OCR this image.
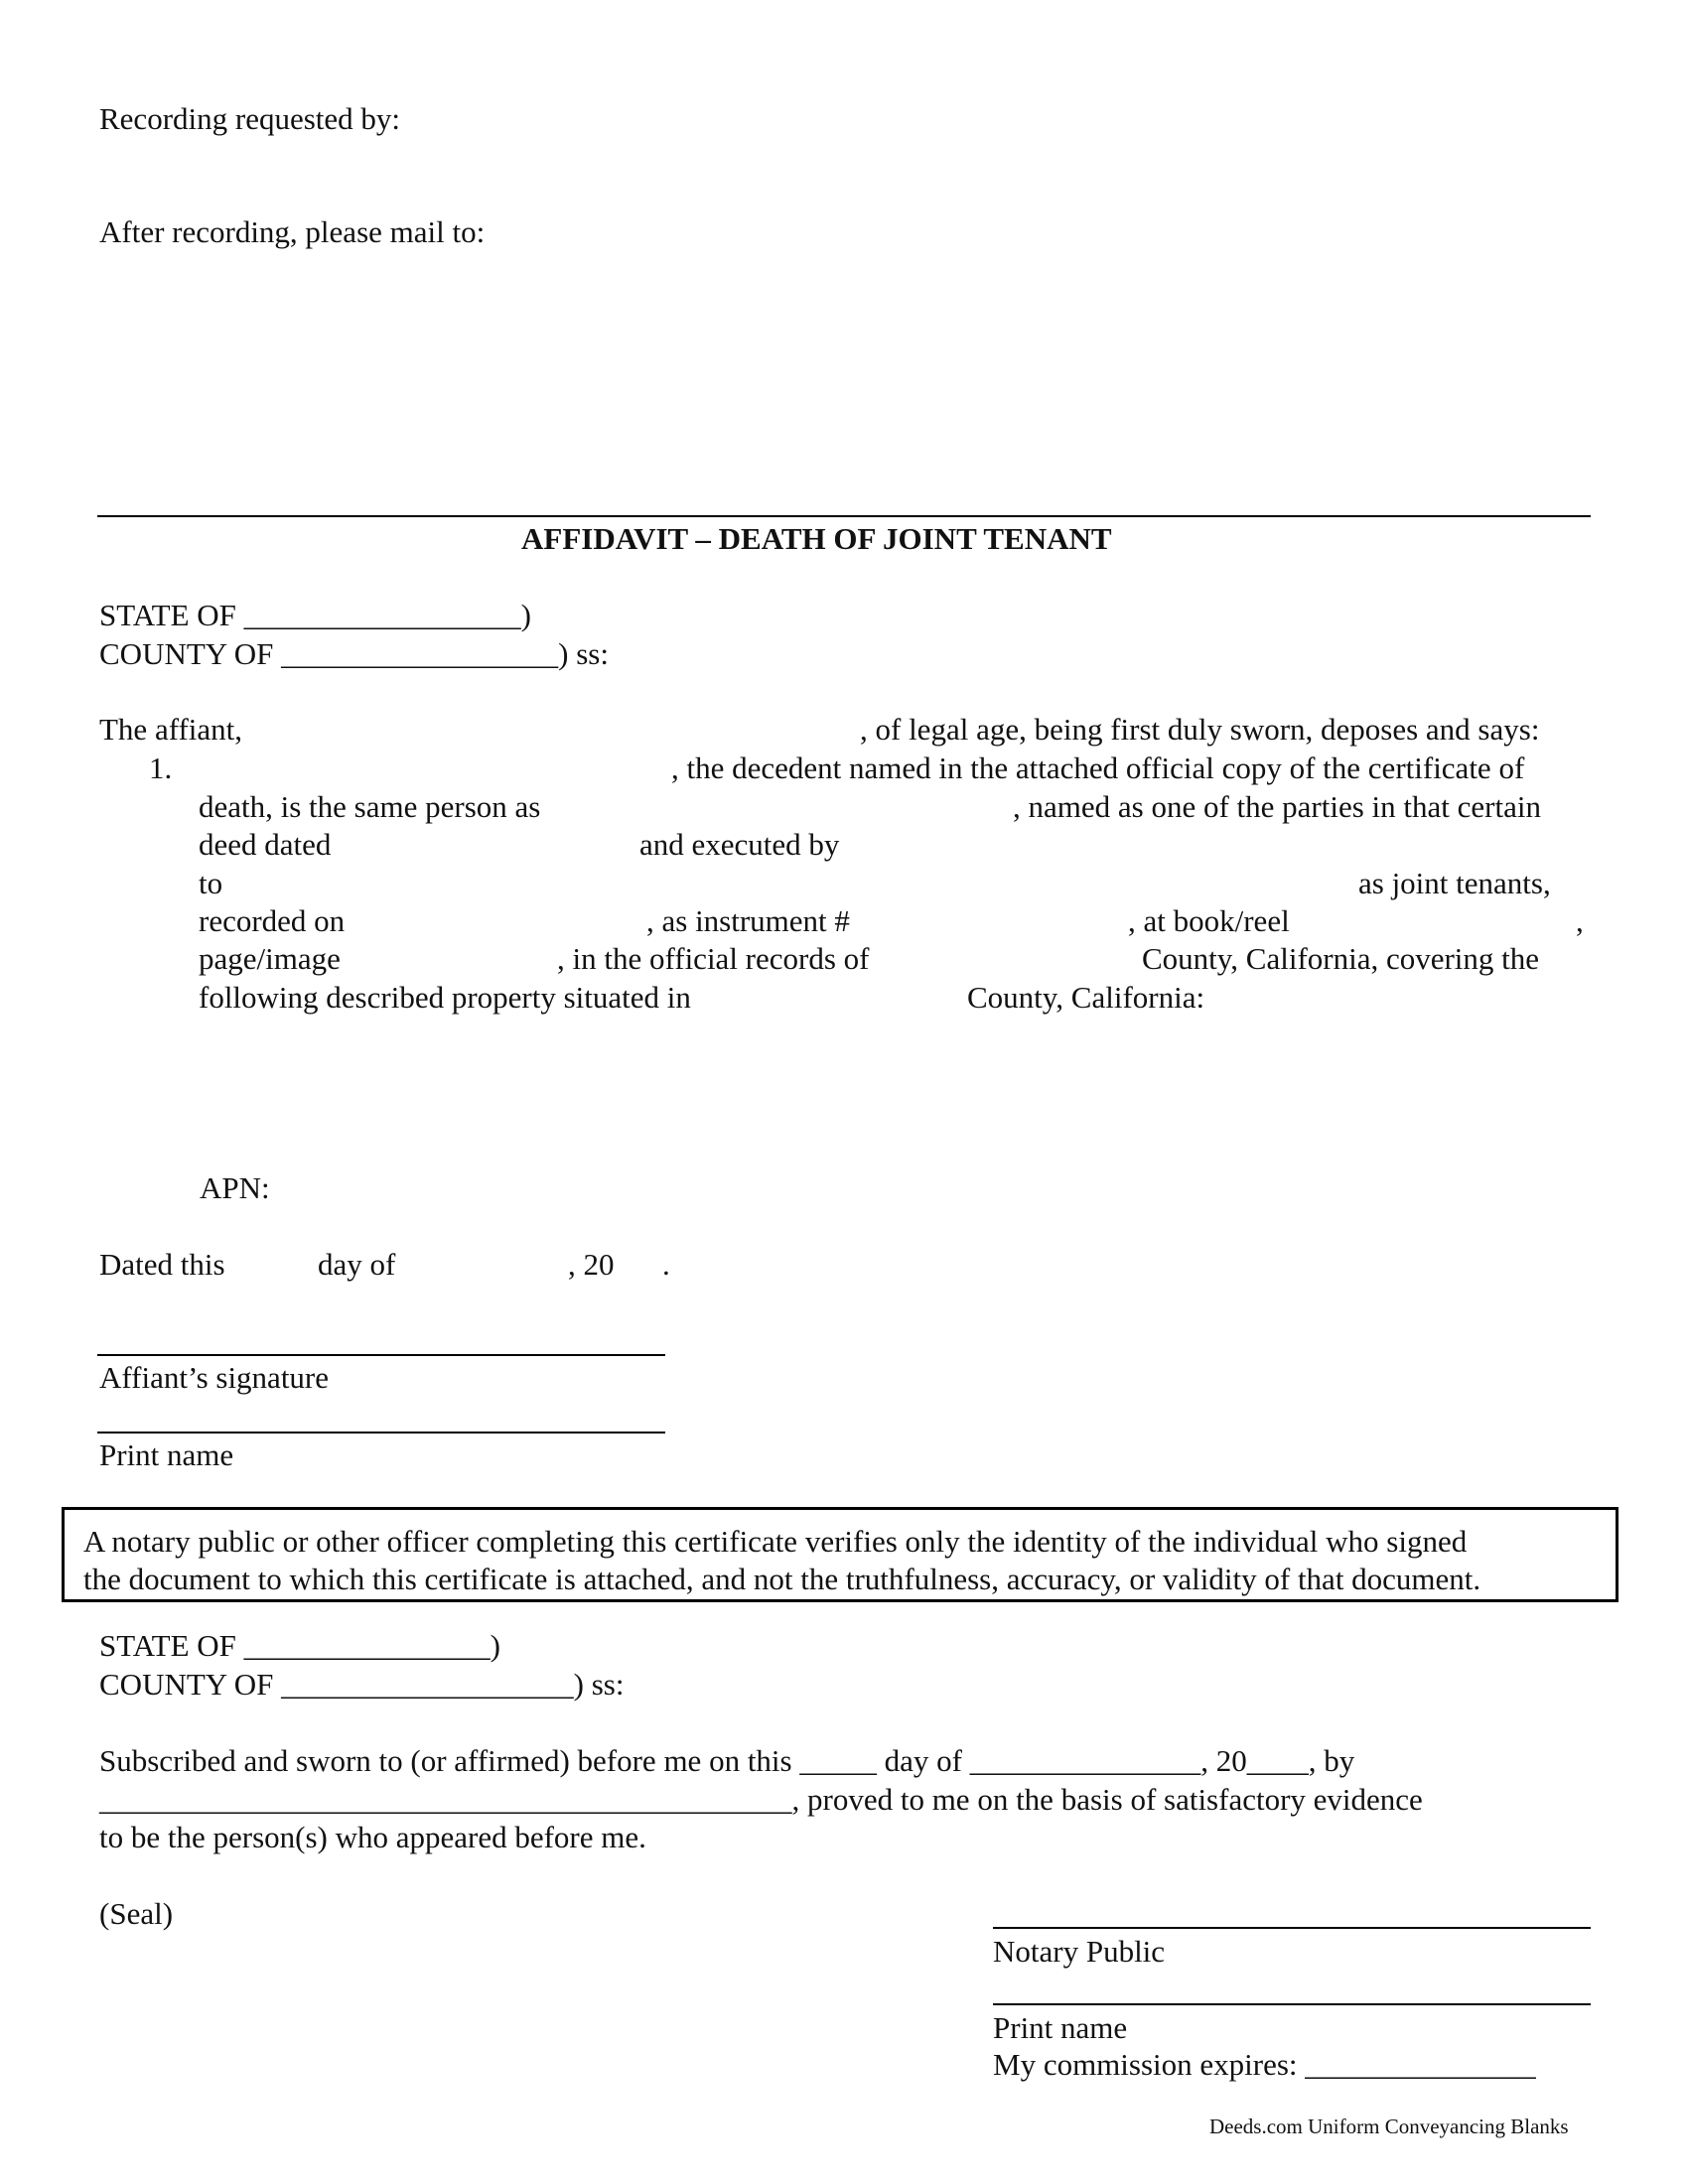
Recording requested by:
After recording, please mail to:
AFFIDAVIT – DEATH OF JOINT TENANT
STATE OF __________________)
COUNTY OF __________________) ss:
The affiant,	, of legal age, being first duly sworn, deposes and says:
1.	, the decedent named in the attached official copy of the certificate of
death, is the same person as	, named as one of the parties in that certain
deed dated	and executed by
to	as joint tenants,
recorded on	, as instrument #	, at book/reel	,
page/image	, in the official records of	County, California, covering the
following described property situated in	County, California:
APN:
Dated this	day of	, 20 .
Affiant’s signature
Print name
A notary public or other officer completing this certificate verifies only the identity of the individual who signed
the document to which this certificate is attached, and not the truthfulness, accuracy, or validity of that document.
STATE OF ________________)
COUNTY OF ___________________) ss:
Subscribed and sworn to (or affirmed) before me on this _____ day of _______________, 20____, by
_____________________________________________, proved to me on the basis of satisfactory evidence
to be the person(s) who appeared before me.
(Seal)
Notary Public
Print name
My commission expires: _______________
Deeds.com Uniform Conveyancing Blanks
